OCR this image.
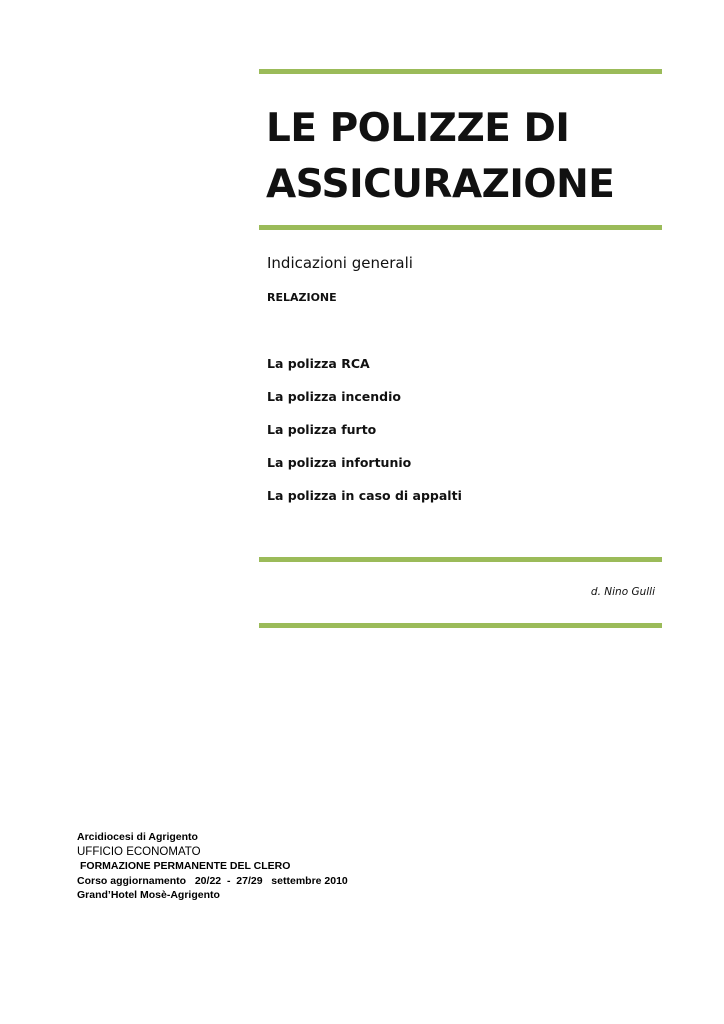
LE POLIZZE DI
ASSICURAZIONE
Indicazioni generali
RELAZIONE
La polizza RCA
La polizza incendio
La polizza furto
La polizza infortunio
La polizza in caso di appalti
d. Nino Gulli
Arcidiocesi di Agrigento
UFFICIO ECONOMATO
FORMAZIONE PERMANENTE DEL CLERO
Corso aggiornamento   20/22  -  27/29   settembre 2010
Grand’Hotel Mosè-Agrigento
